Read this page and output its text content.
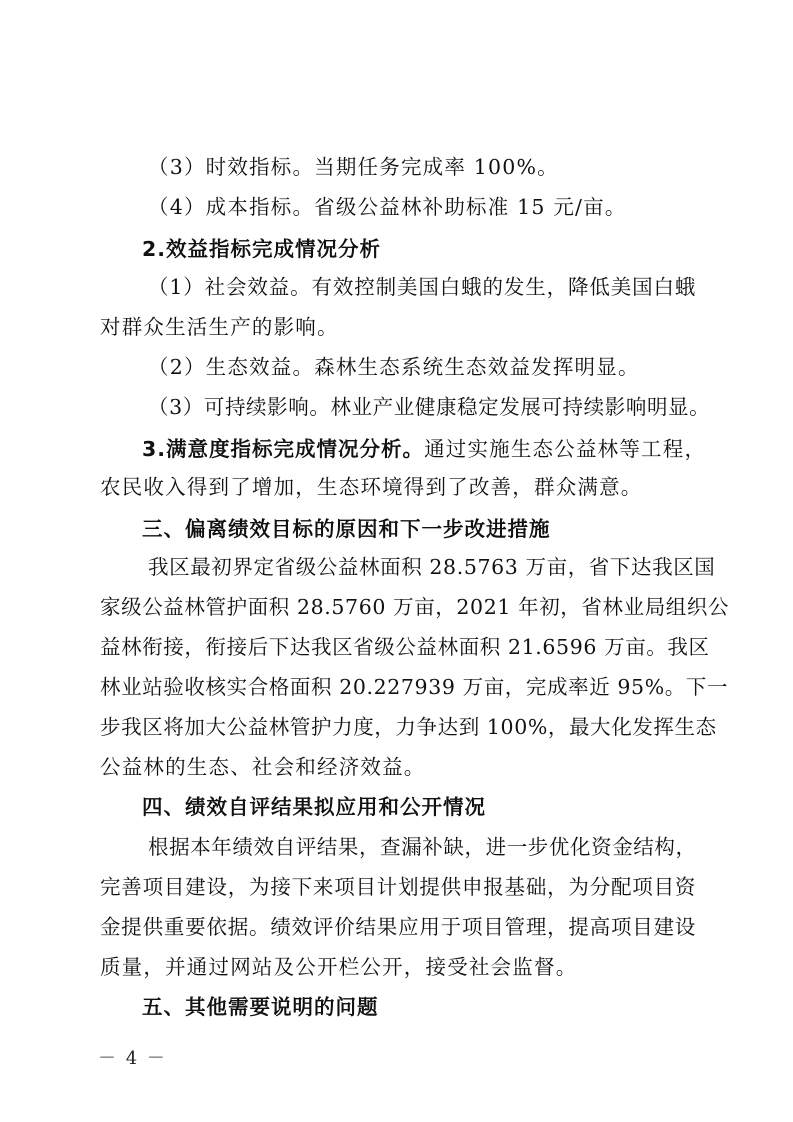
（3）时效指标。当期任务完成率 100%。
（4）成本指标。省级公益林补助标准 15 元/亩。
2.效益指标完成情况分析
（1）社会效益。有效控制美国白蛾的发生，降低美国白蛾
对群众生活生产的影响。
（2）生态效益。森林生态系统生态效益发挥明显。
（3）可持续影响。林业产业健康稳定发展可持续影响明显。
3.满意度指标完成情况分析。通过实施生态公益林等工程，
农民收入得到了增加，生态环境得到了改善，群众满意。
三、偏离绩效目标的原因和下一步改进措施
我区最初界定省级公益林面积 28.5763 万亩，省下达我区国
家级公益林管护面积 28.5760 万亩，2021 年初，省林业局组织公
益林衔接，衔接后下达我区省级公益林面积 21.6596 万亩。我区
林业站验收核实合格面积 20.227939 万亩，完成率近 95%。下一
步我区将加大公益林管护力度，力争达到 100%，最大化发挥生态
公益林的生态、社会和经济效益。
四、绩效自评结果拟应用和公开情况
根据本年绩效自评结果，查漏补缺，进一步优化资金结构，
完善项目建设，为接下来项目计划提供申报基础，为分配项目资
金提供重要依据。绩效评价结果应用于项目管理，提高项目建设
质量，并通过网站及公开栏公开，接受社会监督。
五、其他需要说明的问题
－ 4 －
